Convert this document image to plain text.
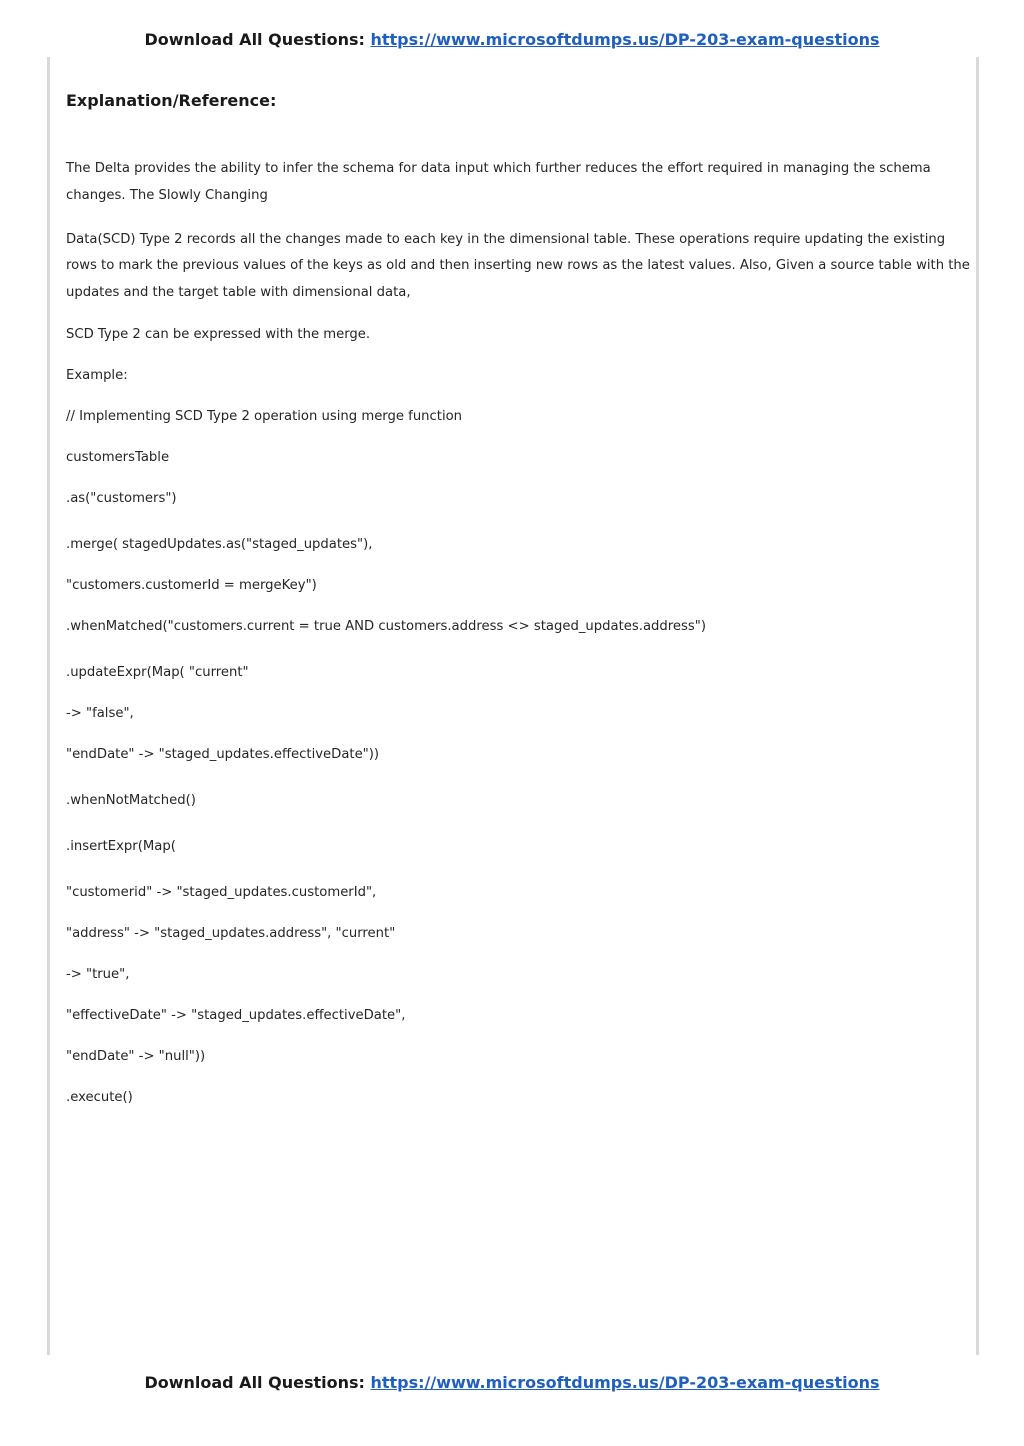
Download All Questions: https://www.microsoftdumps.us/DP-203-exam-questions
Explanation/Reference:

The Delta provides the ability to infer the schema for data input which further reduces the effort required in managing the schema changes. The Slowly Changing

Data(SCD) Type 2 records all the changes made to each key in the dimensional table. These operations require updating the existing rows to mark the previous values of the keys as old and then inserting new rows as the latest values. Also, Given a source table with the updates and the target table with dimensional data,

SCD Type 2 can be expressed with the merge.

Example:

// Implementing SCD Type 2 operation using merge function

customersTable

.as("customers")

.merge( stagedUpdates.as("staged_updates"),

"customers.customerId = mergeKey")

.whenMatched("customers.current = true AND customers.address <> staged_updates.address")

.updateExpr(Map( "current"

-> "false",

"endDate" -> "staged_updates.effectiveDate"))

.whenNotMatched()

.insertExpr(Map(

"customerid" -> "staged_updates.customerId",

"address" -> "staged_updates.address", "current"

-> "true",

"effectiveDate" -> "staged_updates.effectiveDate",

"endDate" -> "null"))

.execute()

Download All Questions: https://www.microsoftdumps.us/DP-203-exam-questions
